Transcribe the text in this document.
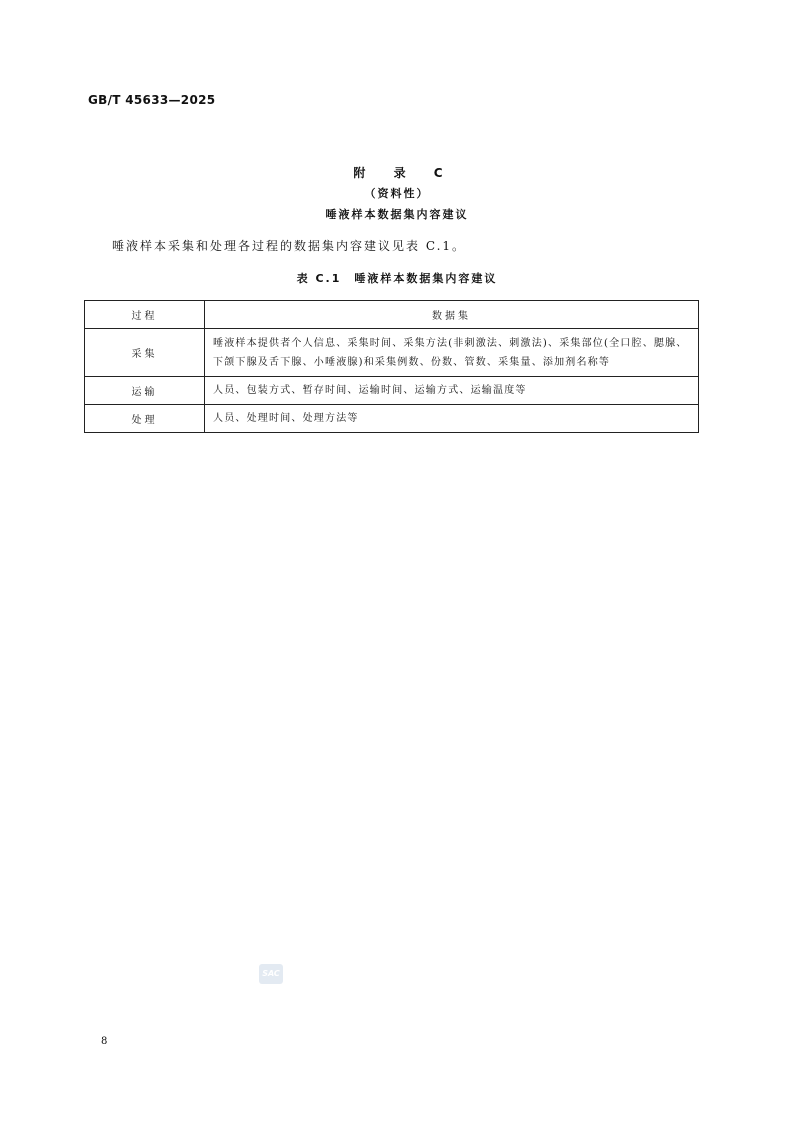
GB/T 45633—2025
附 录 C
（资料性）
唾液样本数据集内容建议
唾液样本采集和处理各过程的数据集内容建议见表 C.1。
表 C.1　唾液样本数据集内容建议
过程	数据集
采集	唾液样本提供者个人信息、采集时间、采集方法(非刺激法、刺激法)、采集部位(全口腔、腮腺、下颌下腺及舌下腺、小唾液腺)和采集例数、份数、管数、采集量、添加剂名称等
运输	人员、包装方式、暂存时间、运输时间、运输方式、运输温度等
处理	人员、处理时间、处理方法等
SAC
8
